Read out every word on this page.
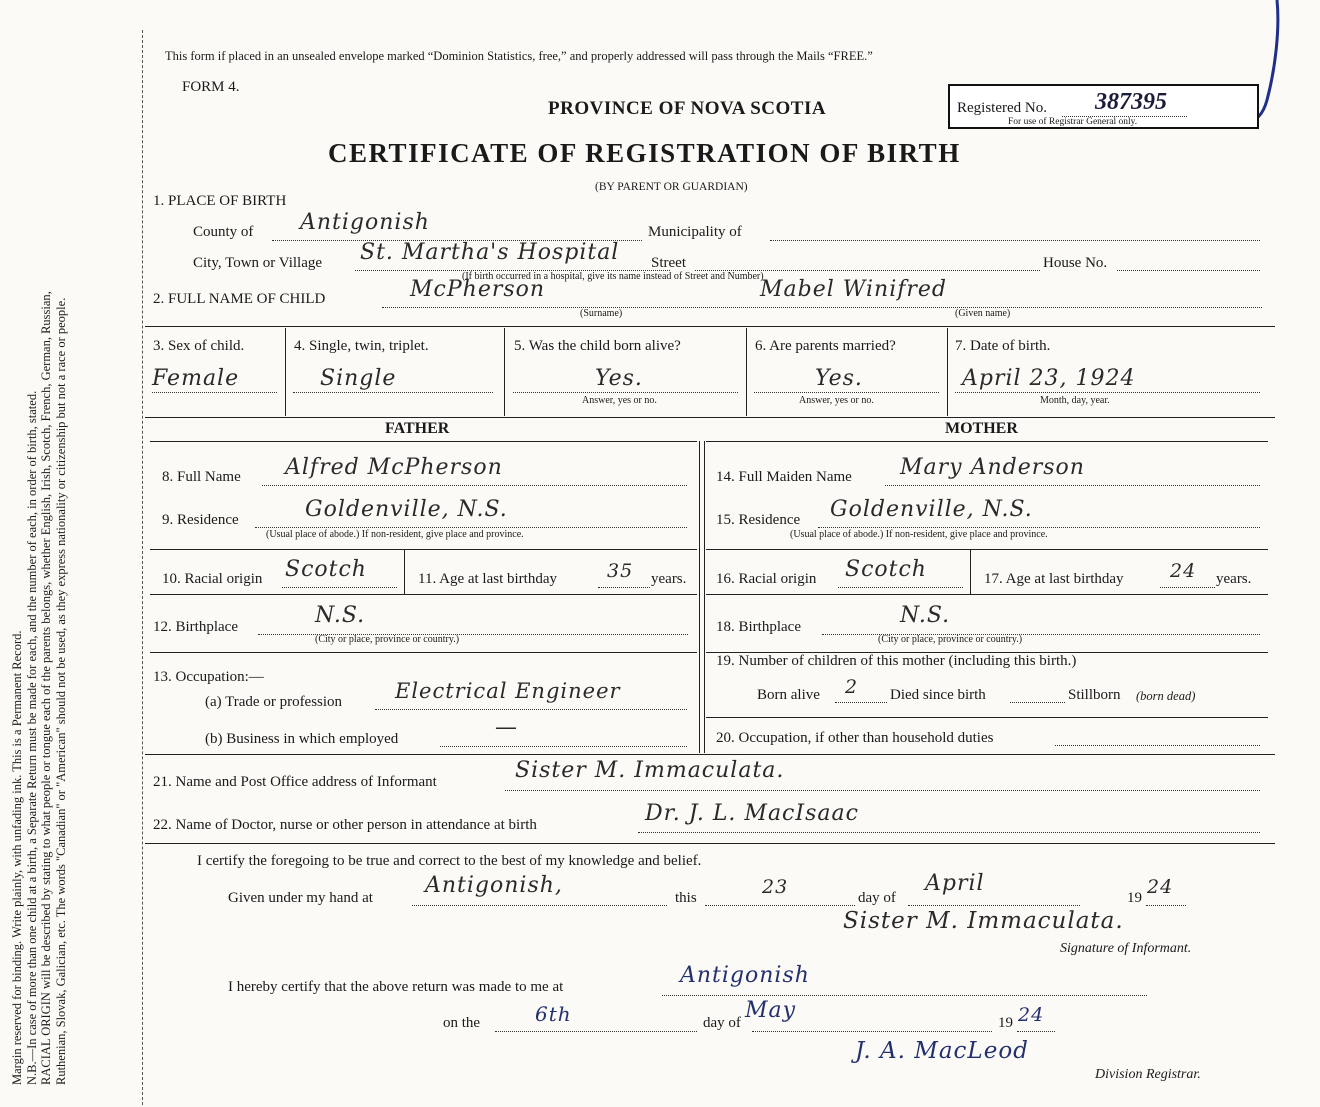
Margin reserved for binding. Write plainly, with unfading ink. This is a Permanent Record. N.B.—In case of more than one child at a birth, a Separate Return must be made for each, and the number of each, in order of birth, stated. RACIAL ORIGIN will be described by stating to what people or tongue each of the parents belongs, whether English, Irish, Scotch, French, German, Russian, Ruthenian, Slovak, Galician, etc. The words "Canadian" or "American" should not be used, as they express nationality or citizenship but not a race or people.
This form if placed in an unsealed envelope marked “Dominion Statistics, free,” and properly addressed will pass through the Mails “FREE.”
FORM 4.
PROVINCE OF NOVA SCOTIA
CERTIFICATE OF REGISTRATION OF BIRTH
(BY PARENT OR GUARDIAN)
Registered No. 387395
For use of Registrar General only.
1. PLACE OF BIRTH
County of Antigonish	Municipality of
City, Town or Village St. Martha's Hospital Street	House No.
(If birth occurred in a hospital, give its name instead of Street and Number)
2. FULL NAME OF CHILD	McPherson	Mabel Winifred
(Surname)	(Given name)
3. Sex of child.
Female
4. Single, twin, triplet.
Single
5. Was the child born alive?
Yes.
Answer, yes or no.
6. Are parents married?
Yes.
Answer, yes or no.
7. Date of birth.
April 23, 1924
Month, day, year.
FATHER	MOTHER
8. Full Name Alfred McPherson
9. Residence	Goldenville, N.S.
(Usual place of abode.) If non-resident, give place and province.
10. Racial origin Scotch	11. Age at last birthday	35 years.
12. Birthplace	N.S.
(City or place, province or country.)
13. Occupation:—
(a) Trade or profession	Electrical Engineer
(b) Business in which employed	—
14. Full Maiden Name Mary Anderson
15. Residence Goldenville, N.S.
(Usual place of abode.) If non-resident, give place and province.
16. Racial origin Scotch	17. Age at last birthday 24 years.
18. Birthplace	N.S.
(City or place, province or country.)
19. Number of children of this mother (including this birth.)
Born alive 2 Died since birth	Stillborn (born dead)
20. Occupation, if other than household duties
21. Name and Post Office address of Informant	Sister M. Immaculata.
22. Name of Doctor, nurse or other person in attendance at birth	Dr. J. L. MacIsaac
I certify the foregoing to be true and correct to the best of my knowledge and belief.
Given under my hand at Antigonish,	this	23	day of
April
19 24
Sister M. Immaculata.
Signature of Informant.
I hereby certify that the above return was made to me at	Antigonish
on the	6th	day of May	19 24
J. A. MacLeod
Division Registrar.
